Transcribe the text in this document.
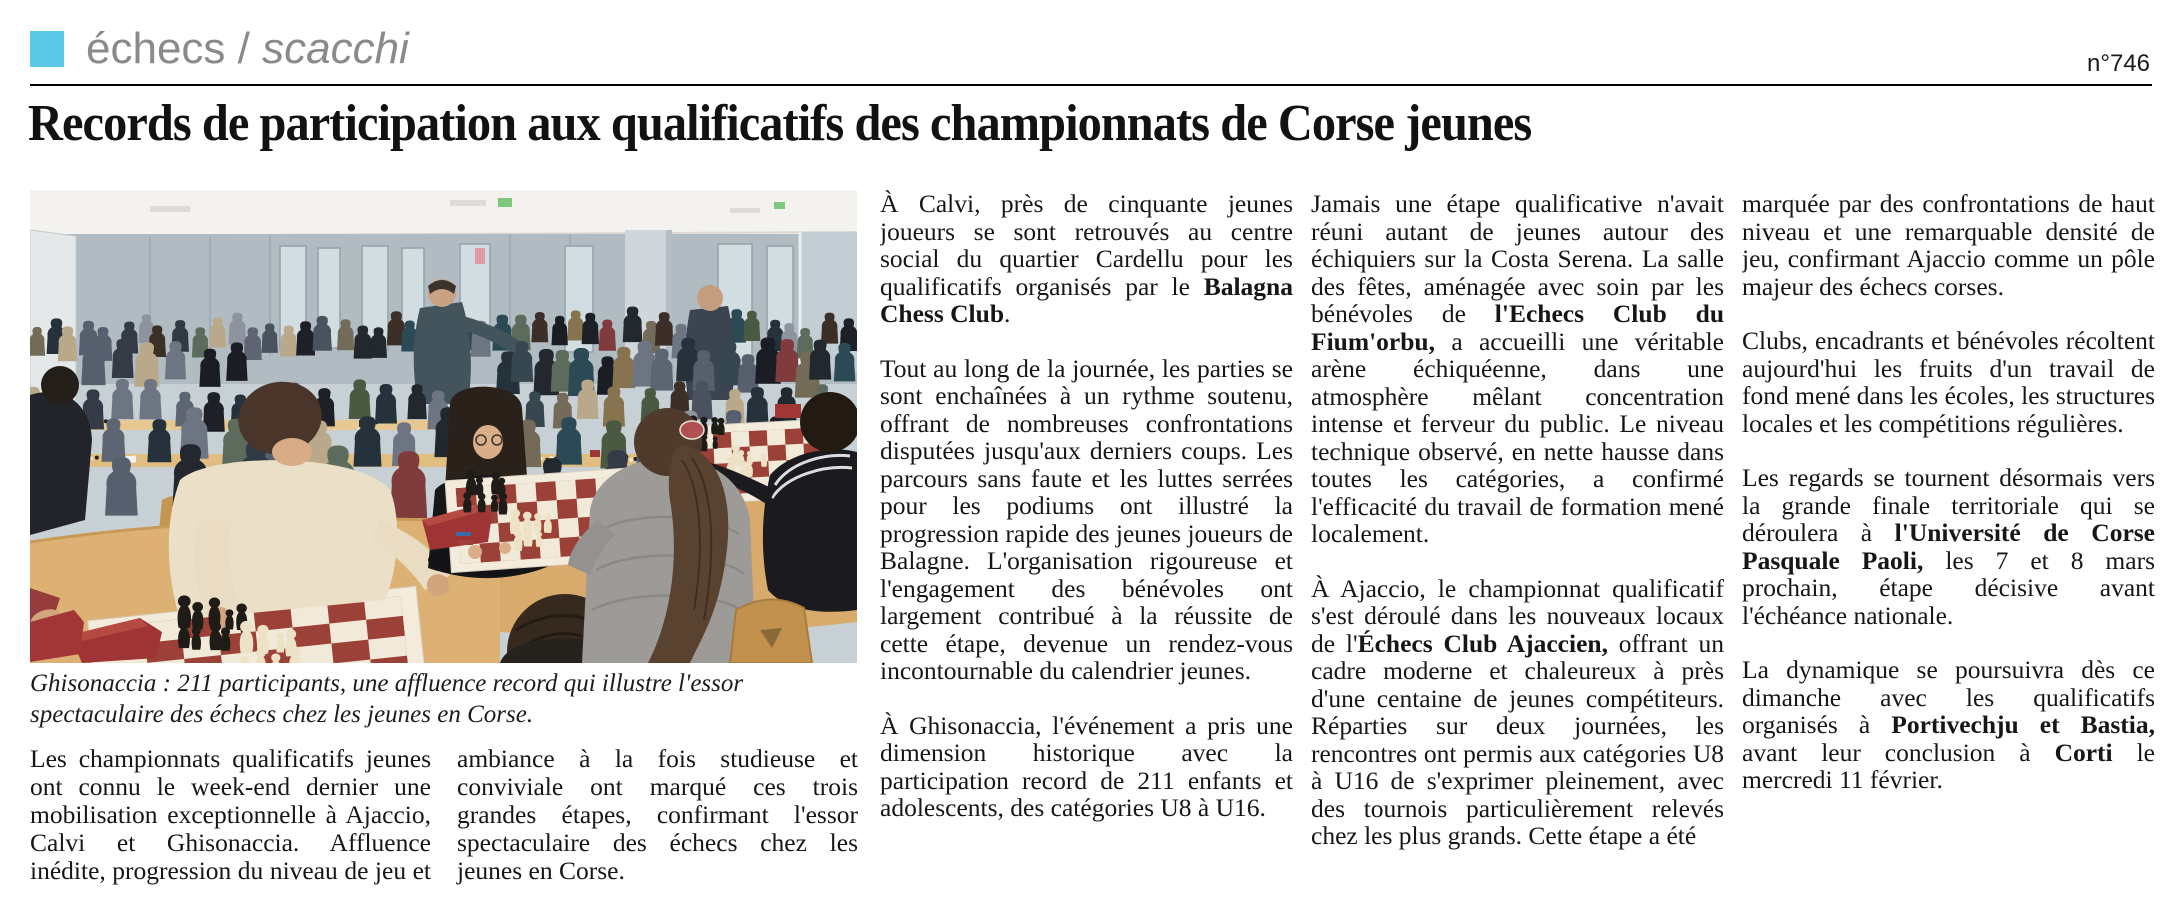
échecs / scacchi	n°746
Records de participation aux qualificatifs des championnats de Corse jeunes

Ghisonaccia : 211 participants, une affluence record qui illustre l'essor spectaculaire des échecs chez les jeunes en Corse.

Les championnats qualificatifs jeunes ont connu le week-end dernier une mobilisation exceptionnelle à Ajaccio, Calvi et Ghisonaccia. Affluence inédite, progression du niveau de jeu et ambiance à la fois studieuse et conviviale ont marqué ces trois grandes étapes, confirmant l'essor spectaculaire des échecs chez les jeunes en Corse.

À Calvi, près de cinquante jeunes joueurs se sont retrouvés au centre social du quartier Cardellu pour les qualificatifs organisés par le Balagna Chess Club.

Tout au long de la journée, les parties se sont enchaînées à un rythme soutenu, offrant de nombreuses confrontations disputées jusqu'aux derniers coups. Les parcours sans faute et les luttes serrées pour les podiums ont illustré la progression rapide des jeunes joueurs de Balagne. L'organisation rigoureuse et l'engagement des bénévoles ont largement contribué à la réussite de cette étape, devenue un rendez-vous incontournable du calendrier jeunes.

À Ghisonaccia, l'événement a pris une dimension historique avec la participation record de 211 enfants et adolescents, des catégories U8 à U16.

Jamais une étape qualificative n'avait réuni autant de jeunes autour des échiquiers sur la Costa Serena. La salle des fêtes, aménagée avec soin par les bénévoles de l'Echecs Club du Fium'orbu, a accueilli une véritable arène échiquéenne, dans une atmosphère mêlant concentration intense et ferveur du public. Le niveau technique observé, en nette hausse dans toutes les catégories, a confirmé l'efficacité du travail de formation mené localement.

À Ajaccio, le championnat qualificatif s'est déroulé dans les nouveaux locaux de l'Échecs Club Ajaccien, offrant un cadre moderne et chaleureux à près d'une centaine de jeunes compétiteurs. Réparties sur deux journées, les rencontres ont permis aux catégories U8 à U16 de s'exprimer pleinement, avec des tournois particulièrement relevés chez les plus grands. Cette étape a été

marquée par des confrontations de haut niveau et une remarquable densité de jeu, confirmant Ajaccio comme un pôle majeur des échecs corses.

Clubs, encadrants et bénévoles récoltent aujourd'hui les fruits d'un travail de fond mené dans les écoles, les structures locales et les compétitions régulières.

Les regards se tournent désormais vers la grande finale territoriale qui se déroulera à l'Université de Corse Pasquale Paoli, les 7 et 8 mars prochain, étape décisive avant l'échéance nationale.

La dynamique se poursuivra dès ce dimanche avec les qualificatifs organisés à Portivechju et Bastia, avant leur conclusion à Corti le mercredi 11 février.
